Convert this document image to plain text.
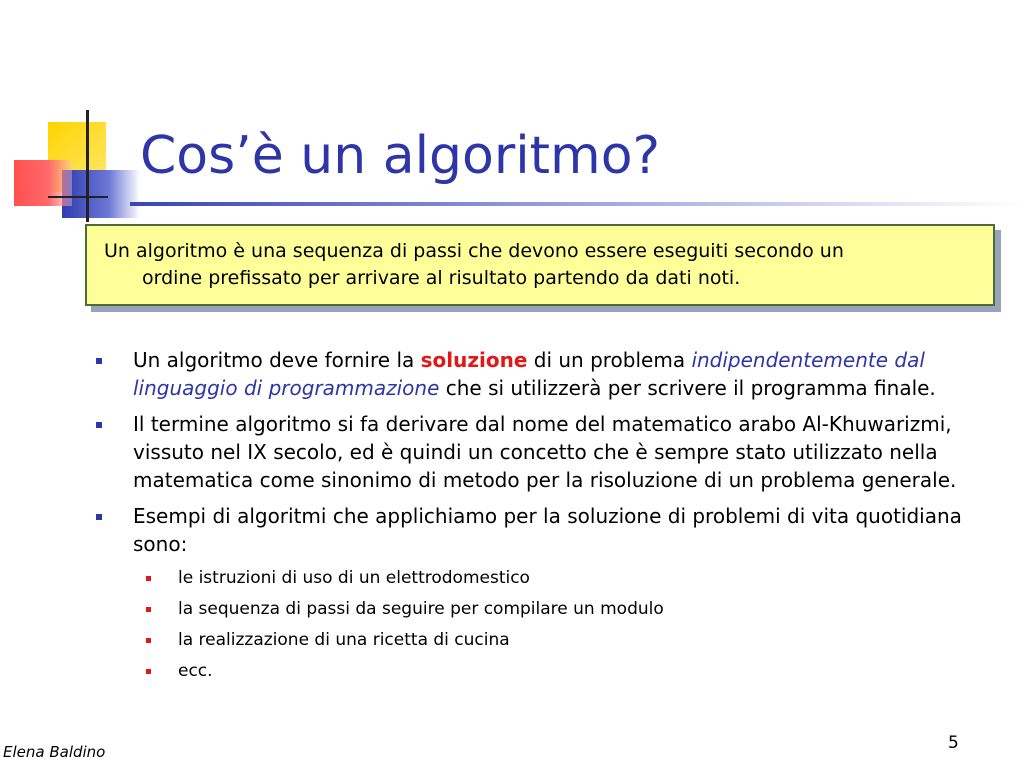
Cos’è un algoritmo?
Un algoritmo è una sequenza di passi che devono essere eseguiti secondo un
ordine prefissato per arrivare al risultato partendo da dati noti.
Un algoritmo deve fornire la soluzione di un problema indipendentemente dal linguaggio di programmazione che si utilizzerà per scrivere il programma finale.
Il termine algoritmo si fa derivare dal nome del matematico arabo Al-Khuwarizmi, vissuto nel IX secolo, ed è quindi un concetto che è sempre stato utilizzato nella matematica come sinonimo di metodo per la risoluzione di un problema generale.
Esempi di algoritmi che applichiamo per la soluzione di problemi di vita quotidiana sono:
le istruzioni di uso di un elettrodomestico
la sequenza di passi da seguire per compilare un modulo
la realizzazione di una ricetta di cucina
ecc.
Elena Baldino	5
